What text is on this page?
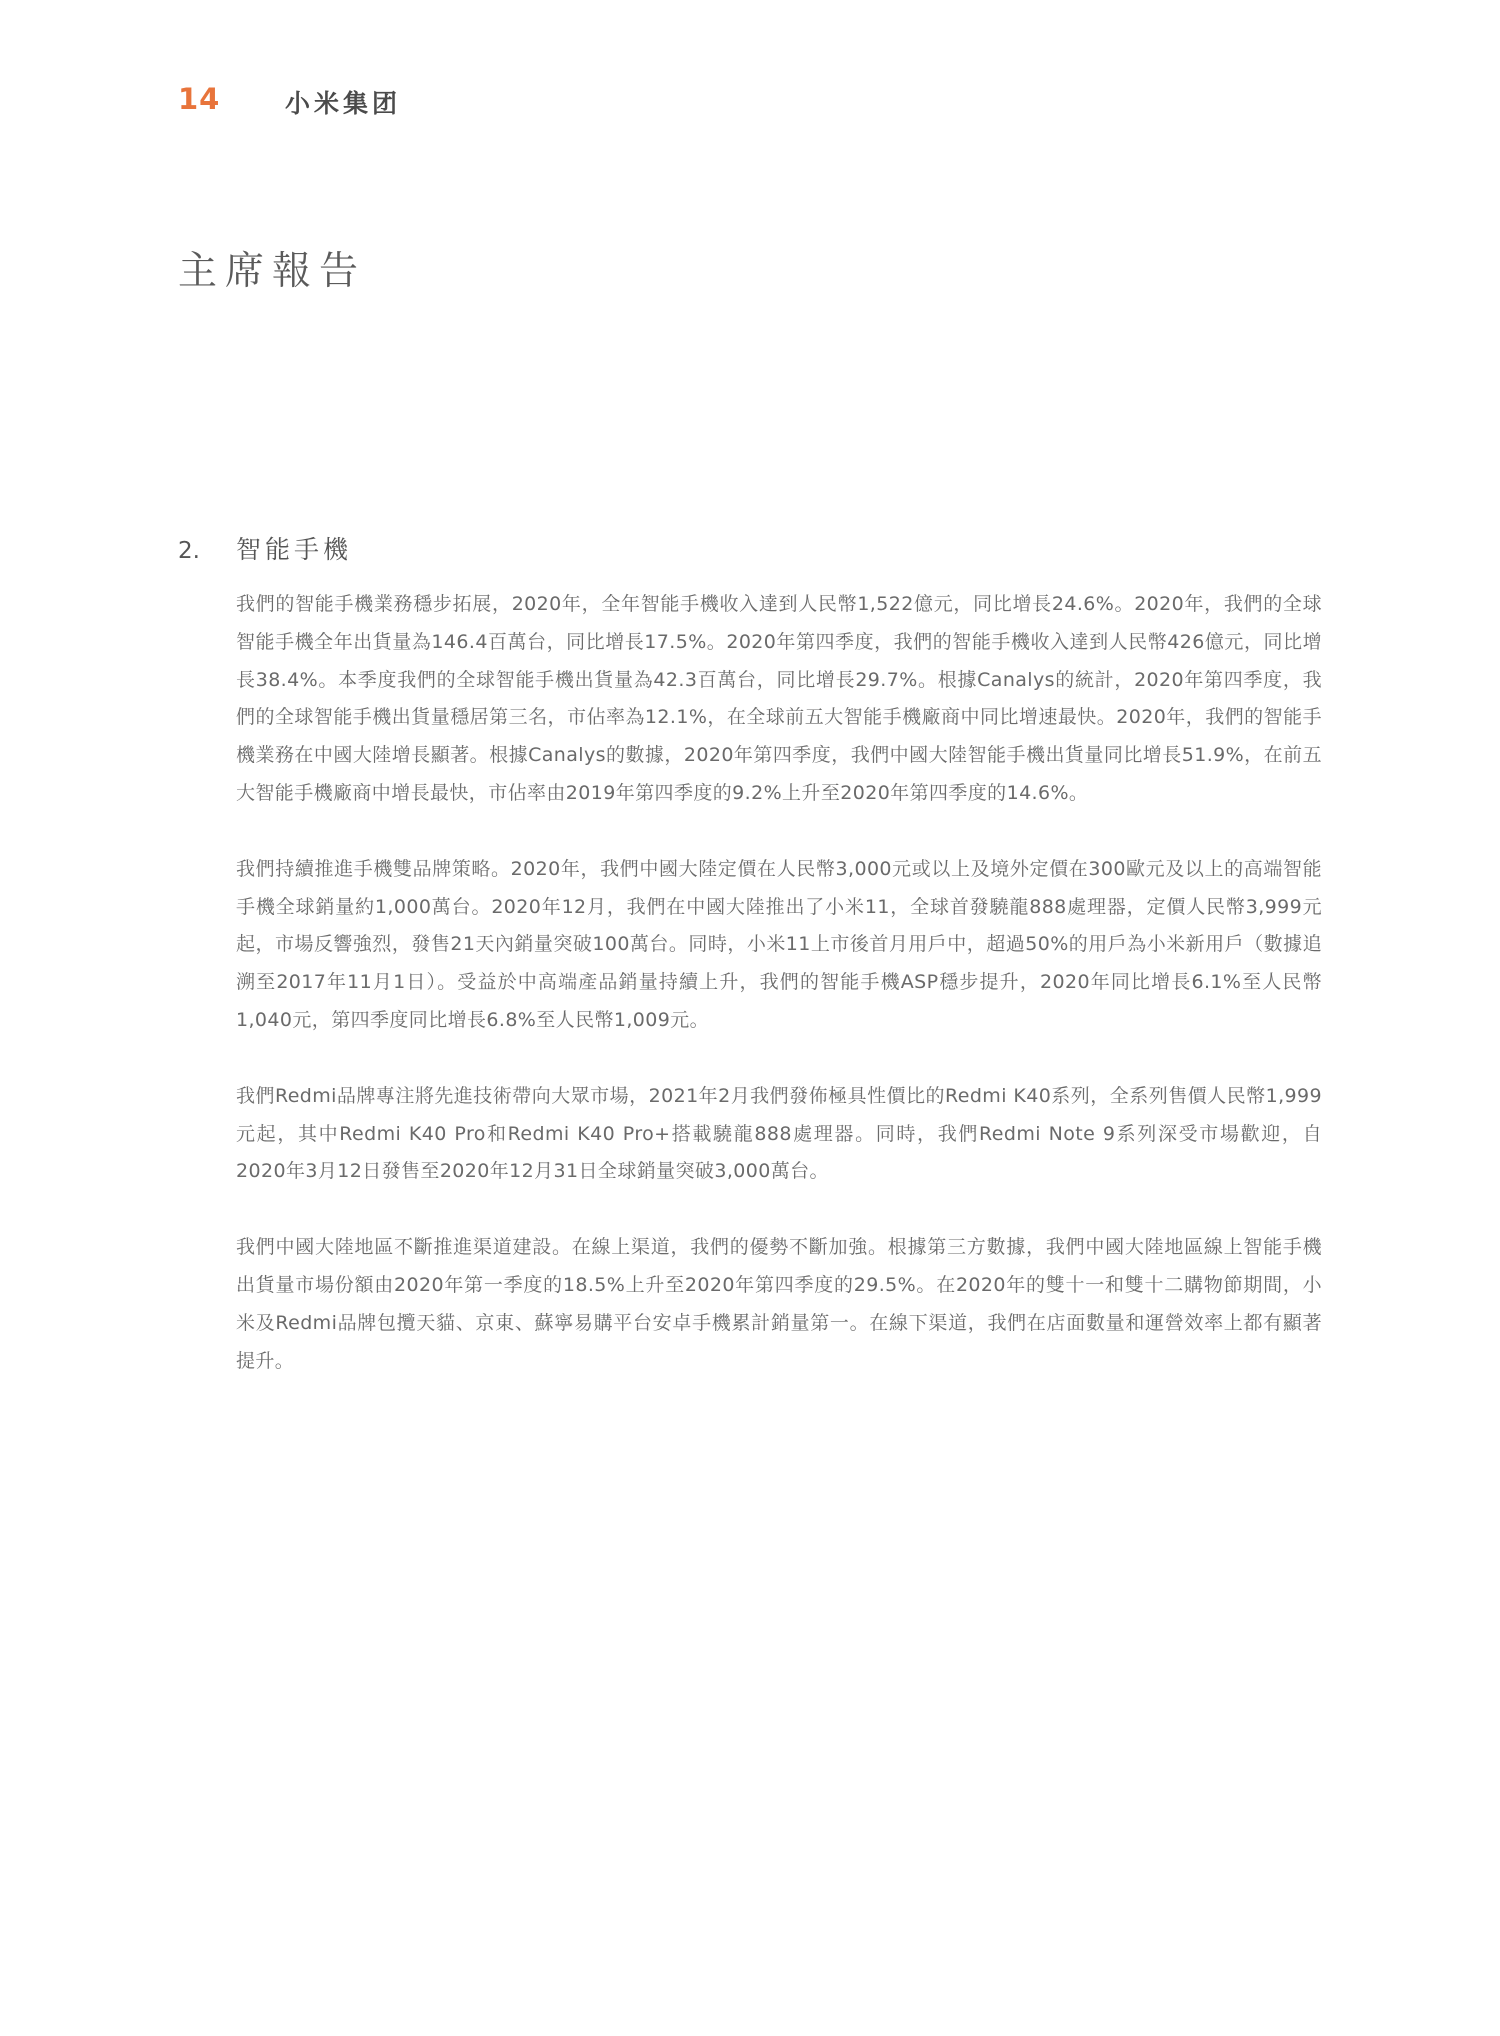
14	小米集团
主席報告
2.	智能手機

我們的智能手機業務穩步拓展，2020年，全年智能手機收入達到人民幣1,522億元，同比增長24.6%。2020年，我們的全球智能手機全年出貨量為146.4百萬台，同比增長17.5%。2020年第四季度，我們的智能手機收入達到人民幣426億元，同比增長38.4%。本季度我們的全球智能手機出貨量為42.3百萬台，同比增長29.7%。根據Canalys的統計，2020年第四季度，我們的全球智能手機出貨量穩居第三名，市佔率為12.1%，在全球前五大智能手機廠商中同比增速最快。2020年，我們的智能手機業務在中國大陸增長顯著。根據Canalys的數據，2020年第四季度，我們中國大陸智能手機出貨量同比增長51.9%，在前五大智能手機廠商中增長最快，市佔率由2019年第四季度的9.2%上升至2020年第四季度的14.6%。

我們持續推進手機雙品牌策略。2020年，我們中國大陸定價在人民幣3,000元或以上及境外定價在300歐元及以上的高端智能手機全球銷量約1,000萬台。2020年12月，我們在中國大陸推出了小米11，全球首發驍龍888處理器，定價人民幣3,999元起，市場反響強烈，發售21天內銷量突破100萬台。同時，小米11上市後首月用戶中，超過50%的用戶為小米新用戶（數據追溯至2017年11月1日）。受益於中高端產品銷量持續上升，我們的智能手機ASP穩步提升，2020年同比增長6.1%至人民幣1,040元，第四季度同比增長6.8%至人民幣1,009元。

我們Redmi品牌專注將先進技術帶向大眾市場，2021年2月我們發佈極具性價比的Redmi K40系列，全系列售價人民幣1,999元起，其中Redmi K40 Pro和Redmi K40 Pro+搭載驍龍888處理器。同時，我們Redmi Note 9系列深受市場歡迎，自2020年3月12日發售至2020年12月31日全球銷量突破3,000萬台。

我們中國大陸地區不斷推進渠道建設。在線上渠道，我們的優勢不斷加強。根據第三方數據，我們中國大陸地區線上智能手機出貨量市場份額由2020年第一季度的18.5%上升至2020年第四季度的29.5%。在2020年的雙十一和雙十二購物節期間，小米及Redmi品牌包攬天貓、京東、蘇寧易購平台安卓手機累計銷量第一。在線下渠道，我們在店面數量和運營效率上都有顯著提升。
